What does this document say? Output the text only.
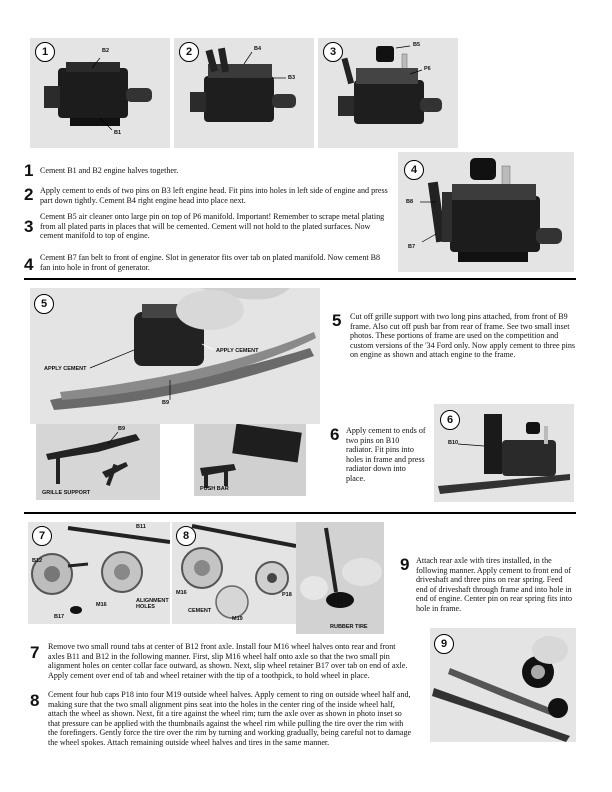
1	B2
B1
2	B4
B3
3
B5
P6
1 Cement B1 and B2 engine halves together.
2 Apply cement to ends of two pins on B3 left engine head. Fit pins into holes in left side of engine and press part down tightly. Cement B4 right engine head into place next.
3
Cement B5 air cleaner onto large pin on top of P6 manifold. Important! Remember to scrape metal plating from all plated parts in places that will be cemented. Cement will not hold to the plated surfaces. Now cement manifold to top of engine.
4 Cement B7 fan belt to front of engine. Slot in generator fits over tab on plated manifold. Now cement B8 fan into hole in front of generator.
4
B8
B7
5
APPLY CEMENT
APPLY CEMENT
B9
B9
GRILLE SUPPORT
PUSH BAR
5 Cut off grille support with two long pins attached, from front of B9 frame. Also cut off push bar from rear of frame. See two small inset photos. These portions of frame are used on the competition and custom versions of the '34 Ford only. Now apply cement to three pins on engine as shown and attach engine to the frame.
6 Apply cement to ends of two pins on B10 radiator. Fit pins into holes in frame and press radiator down into place.
6
B10
7
B11
B12
M16
ALIGNMENT HOLES
B17
8
M16
CEMENT
M19
P18
RUBBER TIRE
9 Attach rear axle with tires installed, in the following manner. Apply cement to front end of driveshaft and three pins on rear spring. Feed end of driveshaft through frame and into hole in end of engine. Center pin on rear spring fits into hole in frame.
7 Remove two small round tabs at center of B12 front axle. Install four M16 wheel halves onto rear and front axles B11 and B12 in the following manner. First, slip M16 wheel half onto axle so that the two small pin alignment holes on center collar face outward, as shown. Next, slip wheel retainer B17 over tab on end of axle. Apply cement over end of tab and wheel retainer with the tip of a toothpick, to hold wheel in place.
8 Cement four hub caps P18 into four M19 outside wheel halves. Apply cement to ring on outside wheel half and, making sure that the two small alignment pins seat into the holes in the center ring of the inside wheel half, attach the wheel as shown. Next, fit a tire against the wheel rim; turn the axle over as shown in photo inset so that pressure can be applied with the thumbnails against the wheel rim while pulling the tire over the rim with the forefingers. Gently force the tire over the rim by turning and working gradually, being careful not to damage the wheel spokes. Attach remaining outside wheel halves and tires in the same manner.
9
